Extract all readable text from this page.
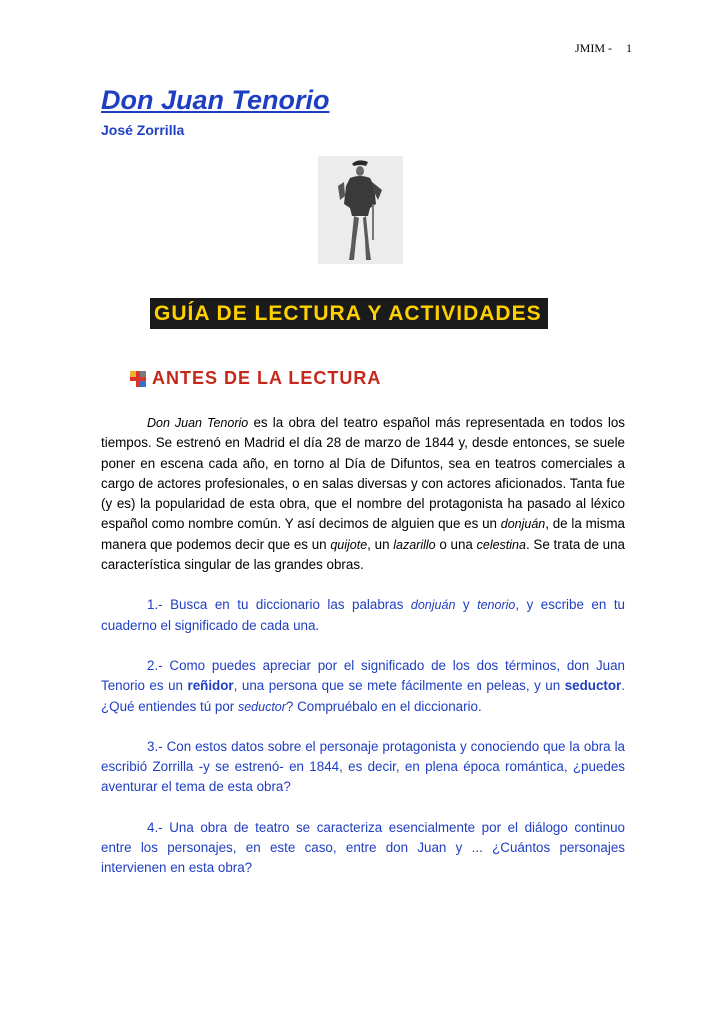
JMIM - 1
Don Juan Tenorio
José Zorrilla
GUÍA DE LECTURA Y ACTIVIDADES
ANTES DE LA LECTURA

Don Juan Tenorio es la obra del teatro español más representada en todos los tiempos. Se estrenó en Madrid el día 28 de marzo de 1844 y, desde entonces, se suele poner en escena cada año, en torno al Día de Difuntos, sea en teatros comerciales a cargo de actores profesionales, o en salas diversas y con actores aficionados. Tanta fue (y es) la popularidad de esta obra, que el nombre del protagonista ha pasado al léxico español como nombre común. Y así decimos de alguien que es un donjuán, de la misma manera que podemos decir que es un quijote, un lazarillo o una celestina. Se trata de una característica singular de las grandes obras.

1.- Busca en tu diccionario las palabras donjuán y tenorio, y escribe en tu cuaderno el significado de cada una.

2.- Como puedes apreciar por el significado de los dos términos, don Juan Tenorio es un reñidor, una persona que se mete fácilmente en peleas, y un seductor. ¿Qué entiendes tú por seductor? Compruébalo en el diccionario.

3.- Con estos datos sobre el personaje protagonista y conociendo que la obra la escribió Zorrilla -y se estrenó- en 1844, es decir, en plena época romántica, ¿puedes aventurar el tema de esta obra?

4.- Una obra de teatro se caracteriza esencialmente por el diálogo continuo entre los personajes, en este caso, entre don Juan y ... ¿Cuántos personajes intervienen en esta obra?
